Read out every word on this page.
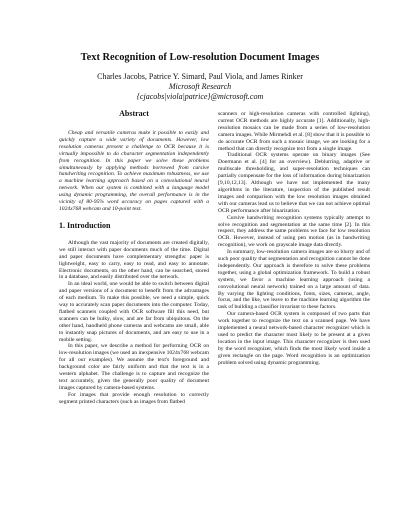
Text Recognition of Low-resolution Document Images
Charles Jacobs, Patrice Y. Simard, Paul Viola, and James Rinker
Microsoft Research
{cjacobs|viola|patrice}@microsoft.com
Abstract

Cheap and versatile cameras make it possible to easily and quickly capture a wide variety of documents. However, low resolution cameras present a challenge to OCR because it is virtually impossible to do character segmentation independently from recognition. In this paper we solve these problems simultaneously by applying methods borrowed from cursive handwriting recognition. To achieve maximum robustness, we use a machine learning approach based on a convolutional neural network. When our system is combined with a language model using dynamic programming, the overall performance is in the vicinity of 80-95% word accuracy on pages captured with a 1024x768 webcam and 10-point text.

1. Introduction

Although the vast majority of documents are created digitally, we still interact with paper documents much of the time. Digital and paper documents have complementary strengths: paper is lightweight, easy to carry, easy to read, and easy to annotate. Electronic documents, on the other hand, can be searched, stored in a database, and easily distributed over the network.

In an ideal world, one would be able to switch between digital and paper versions of a document to benefit from the advantages of each medium. To make this possible, we need a simple, quick way to accurately scan paper documents into the computer. Today, flatbed scanners coupled with OCR software fill this need, but scanners can be bulky, slow, and are far from ubiquitous. On the other hand, handheld phone cameras and webcams are small, able to instantly snap pictures of documents, and are easy to use in a mobile setting.

In this paper, we describe a method for performing OCR on low-resolution images (we used an inexpensive 1024x768 webcam for all our examples). We assume the text's foreground and background color are fairly uniform and that the text is in a western alphabet. The challenge is to capture and recognize the text accurately, given the generally poor quality of document images captured by camera-based systems.

For images that provide enough resolution to correctly segment printed characters (such as images from flatbed

scanners or high-resolution cameras with controlled lighting), current OCR methods are highly accurate [1]. Additionally, high-resolution mosaics can be made from a series of low-resolution camera images. While Mirmehdi et al. [8] show that it is possible to do accurate OCR from such a mosaic image, we are looking for a method that can directly recognize text from a single image.

Traditional OCR systems operate on binary images (See Doermann et al. [4] for an overview). Deblurring, adaptive or multiscale thresholding, and super-resolution techniques can partially compensate for the loss of information during binarization [9,10,12,13]. Although we have not implemented the many algorithms in the literature, inspection of the published result images and comparison with the low resolution images obtained with our cameras lead us to believe that we can not achieve optimal OCR performance after binarization.

Cursive handwriting recognition systems typically attempt to solve recognition and segmentation at the same time [2]. In this respect, they address the same problems we face for low resolution OCR. However, instead of using pen motion (as in handwriting recognition), we work on grayscale image data directly.

In summary, low-resolution camera images are so blurry and of such poor quality that segmentation and recognition cannot be done independently. Our approach is therefore to solve these problems together, using a global optimization framework. To build a robust system, we favor a machine learning approach (using a convolutional neural network) trained on a large amount of data. By varying the lighting conditions, fonts, sizes, cameras, angle, focus, and the like, we leave to the machine learning algorithm the task of building a classifier invariant to these factors.

Our camera-based OCR system is composed of two parts that work together to recognize the text on a scanned page. We have implemented a neural network-based character recognizer which is used to predict the character most likely to be present at a given location in the input image. This character recognizer is then used by the word recognizer, which finds the most likely word inside a given rectangle on the page. Word recognition is an optimization problem solved using dynamic programming.
